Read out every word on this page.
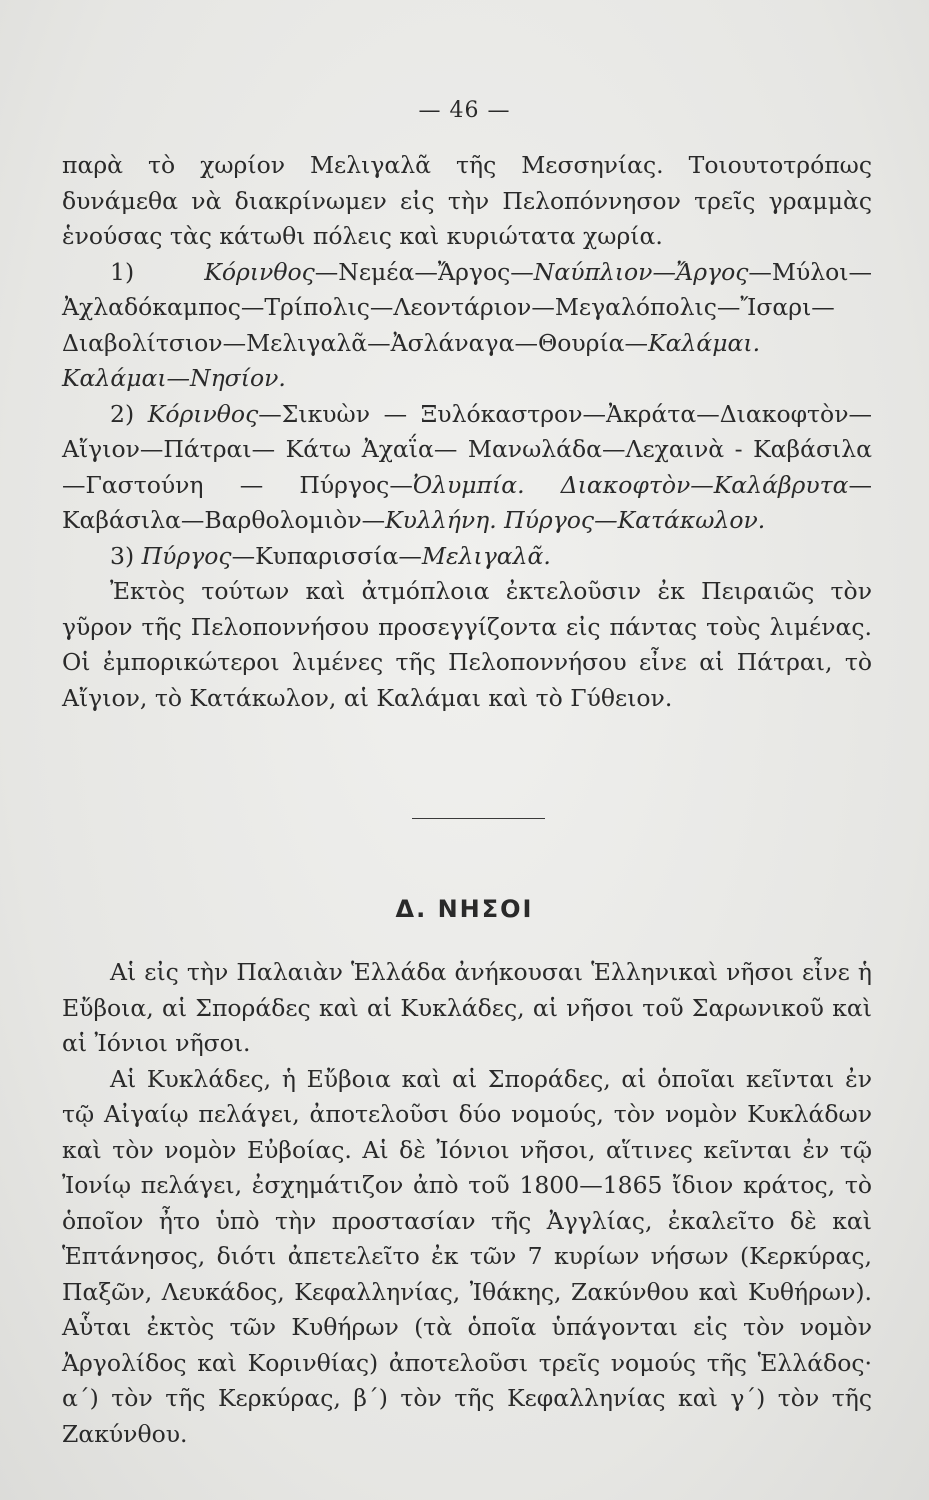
— 46 —

παρὰ τὸ χωρίον Μελιγαλᾶ τῆς Μεσσηνίας. Τοιουτοτρόπως δυνάμεθα νὰ διακρίνωμεν εἰς τὴν Πελοπόννησον τρεῖς γραμμὰς ἑνούσας τὰς κάτωθι πόλεις καὶ κυριώτατα χωρία.

1)	Κόρινθος—Νεμέα—Ἄργος—Ναύπλιον—Ἄργος—Μύλοι—Ἀχλαδόκαμπος—Τρίπολις—Λεοντάριον—Μεγαλόπολις—Ἴσαρι—Διαβολίτσιον—Μελιγαλᾶ—Ἀσλάναγα—Θουρία—Καλάμαι. Καλάμαι—Νησίον.

2) Κόρινθος—Σικυὼν — Ξυλόκαστρον—Ἀκράτα—Διακοφτὸν—Αἴγιον—Πάτραι— Κάτω Ἀχαΐα— Μανωλάδα—Λεχαινὰ - Καβάσιλα—Γαστούνη — Πύργος—Ὀλυμπία. Διακοφτὸν—Καλάβρυτα—Καβάσιλα—Βαρθολομιὸν—Κυλλήνη. Πύργος—Κατάκωλον.

3) Πύργος—Κυπαρισσία—Μελιγαλᾶ.

Ἐκτὸς τούτων καὶ ἀτμόπλοια ἐκτελοῦσιν ἐκ Πειραιῶς τὸν γῦρον τῆς Πελοποννήσου προσεγγίζοντα εἰς πάντας τοὺς λιμένας. Οἱ ἐμπορικώτεροι λιμένες τῆς Πελοποννήσου εἶνε αἱ Πάτραι, τὸ Αἴγιον, τὸ Κατάκωλον, αἱ Καλάμαι καὶ τὸ Γύθειον.

Δ. ΝΗΣΟΙ

Αἱ εἰς τὴν Παλαιὰν Ἑλλάδα ἀνήκουσαι Ἑλληνικαὶ νῆσοι εἶνε ἡ Εὔβοια, αἱ Σποράδες καὶ αἱ Κυκλάδες, αἱ νῆσοι τοῦ Σαρωνικοῦ καὶ αἱ Ἰόνιοι νῆσοι.

Αἱ Κυκλάδες, ἡ Εὔβοια καὶ αἱ Σποράδες, αἱ ὁποῖαι κεῖνται ἐν τῷ Αἰγαίῳ πελάγει, ἀποτελοῦσι δύο νομούς, τὸν νομὸν Κυκλάδων καὶ τὸν νομὸν Εὐβοίας. Αἱ δὲ Ἰόνιοι νῆσοι, αἵτινες κεῖνται ἐν τῷ Ἰονίῳ πελάγει, ἐσχημάτιζον ἀπὸ τοῦ 1800—1865 ἴδιον κράτος, τὸ ὁποῖον ἦτο ὑπὸ τὴν προστασίαν τῆς Ἀγγλίας, ἐκαλεῖτο δὲ καὶ Ἑπτάνησος, διότι ἀπετελεῖτο ἐκ τῶν 7 κυρίων νήσων (Κερκύρας, Παξῶν, Λευκάδος, Κεφαλληνίας, Ἰθάκης, Ζακύνθου καὶ Κυθήρων). Αὗται ἐκτὸς τῶν Κυθήρων (τὰ ὁποῖα ὑπάγονται εἰς τὸν νομὸν Ἀργολίδος καὶ Κορινθίας) ἀποτελοῦσι τρεῖς νομούς τῆς Ἑλλάδος· α΄) τὸν τῆς Κερκύρας, β΄) τὸν τῆς Κεφαλληνίας καὶ γ΄) τὸν τῆς Ζακύνθου.
